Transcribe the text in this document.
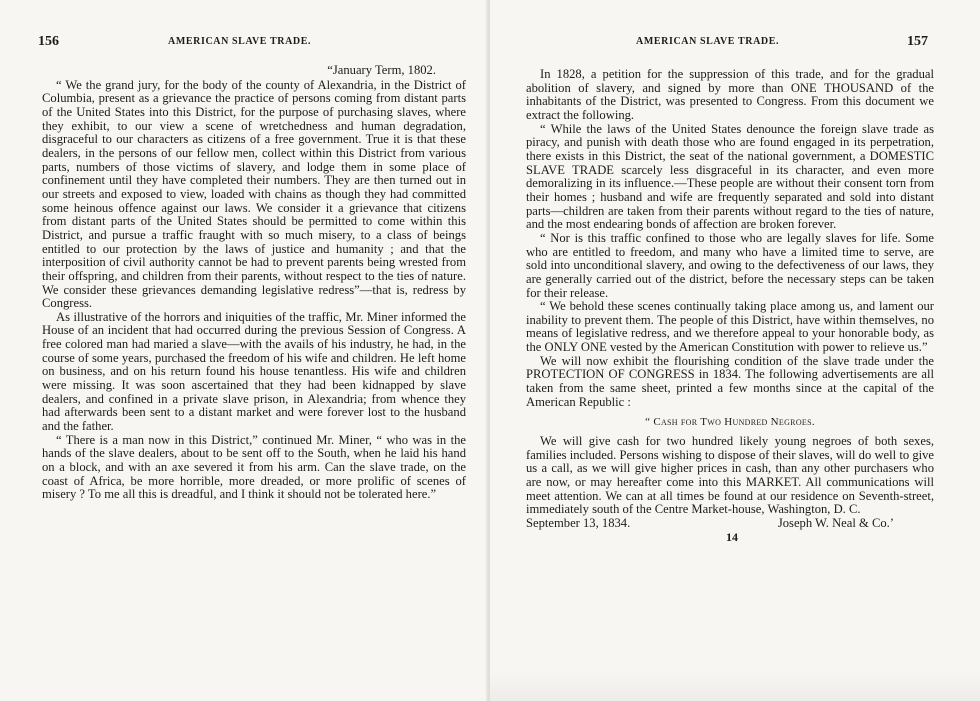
156	AMERICAN SLAVE TRADE.

“January Term, 1802.

“ We the grand jury, for the body of the county of Alexandria, in the District of Columbia, present as a grievance the practice of persons coming from distant parts of the United States into this District, for the purpose of purchasing slaves, where they exhibit, to our view a scene of wretchedness and human degradation, disgraceful to our characters as citizens of a free government. True it is that these dealers, in the persons of our fellow men, collect within this District from various parts, numbers of those victims of slavery, and lodge them in some place of confinement until they have completed their numbers. They are then turned out in our streets and exposed to view, loaded with chains as though they had committed some heinous offence against our laws. We consider it a grievance that citizens from distant parts of the United States should be permitted to come within this District, and pursue a traffic fraught with so much misery, to a class of beings entitled to our protection by the laws of justice and humanity ; and that the interposition of civil authority cannot be had to prevent parents being wrested from their offspring, and children from their parents, without respect to the ties of nature. We consider these grievances demanding legislative redress”—that is, redress by Congress.

As illustrative of the horrors and iniquities of the traffic, Mr. Miner informed the House of an incident that had occurred during the previous Session of Congress. A free colored man had maried a slave—with the avails of his industry, he had, in the course of some years, purchased the freedom of his wife and children. He left home on business, and on his return found his house tenantless. His wife and children were missing. It was soon ascertained that they had been kidnapped by slave dealers, and confined in a private slave prison, in Alexandria; from whence they had afterwards been sent to a distant market and were forever lost to the husband and the father.

“ There is a man now in this District,” continued Mr. Miner, “ who was in the hands of the slave dealers, about to be sent off to the South, when he laid his hand on a block, and with an axe severed it from his arm. Can the slave trade, on the coast of Africa, be more horrible, more dreaded, or more prolific of scenes of misery ? To me all this is dreadful, and I think it should not be tolerated here.”

AMERICAN SLAVE TRADE.	157

In 1828, a petition for the suppression of this trade, and for the gradual abolition of slavery, and signed by more than ONE THOUSAND of the inhabitants of the District, was presented to Congress. From this document we extract the following.

“ While the laws of the United States denounce the foreign slave trade as piracy, and punish with death those who are found engaged in its perpetration, there exists in this District, the seat of the national government, a DOMESTIC SLAVE TRADE scarcely less disgraceful in its character, and even more demoralizing in its influence.—These people are without their consent torn from their homes ; husband and wife are frequently separated and sold into distant parts—children are taken from their parents without regard to the ties of nature, and the most endearing bonds of affection are broken forever.

“ Nor is this traffic confined to those who are legally slaves for life. Some who are entitled to freedom, and many who have a limited time to serve, are sold into unconditional slavery, and owing to the defectiveness of our laws, they are generally carried out of the district, before the necessary steps can be taken for their release.

“ We behold these scenes continually taking place among us, and lament our inability to prevent them. The people of this District, have within themselves, no means of legislative redress, and we therefore appeal to your honorable body, as the ONLY ONE vested by the American Constitution with power to relieve us.”

We will now exhibit the flourishing condition of the slave trade under the PROTECTION OF CONGRESS in 1834. The following advertisements are all taken from the same sheet, printed a few months since at the capital of the American Republic :

“ Cash for Two Hundred Negroes.

We will give cash for two hundred likely young negroes of both sexes, families included. Persons wishing to dispose of their slaves, will do well to give us a call, as we will give higher prices in cash, than any other purchasers who are now, or may hereafter come into this MARKET. All communications will meet attention. We can at all times be found at our residence on Seventh-street, immediately south of the Centre Market-house, Washington, D. C.

September 13, 1834.	Joseph W. Neal & Co.’
14
